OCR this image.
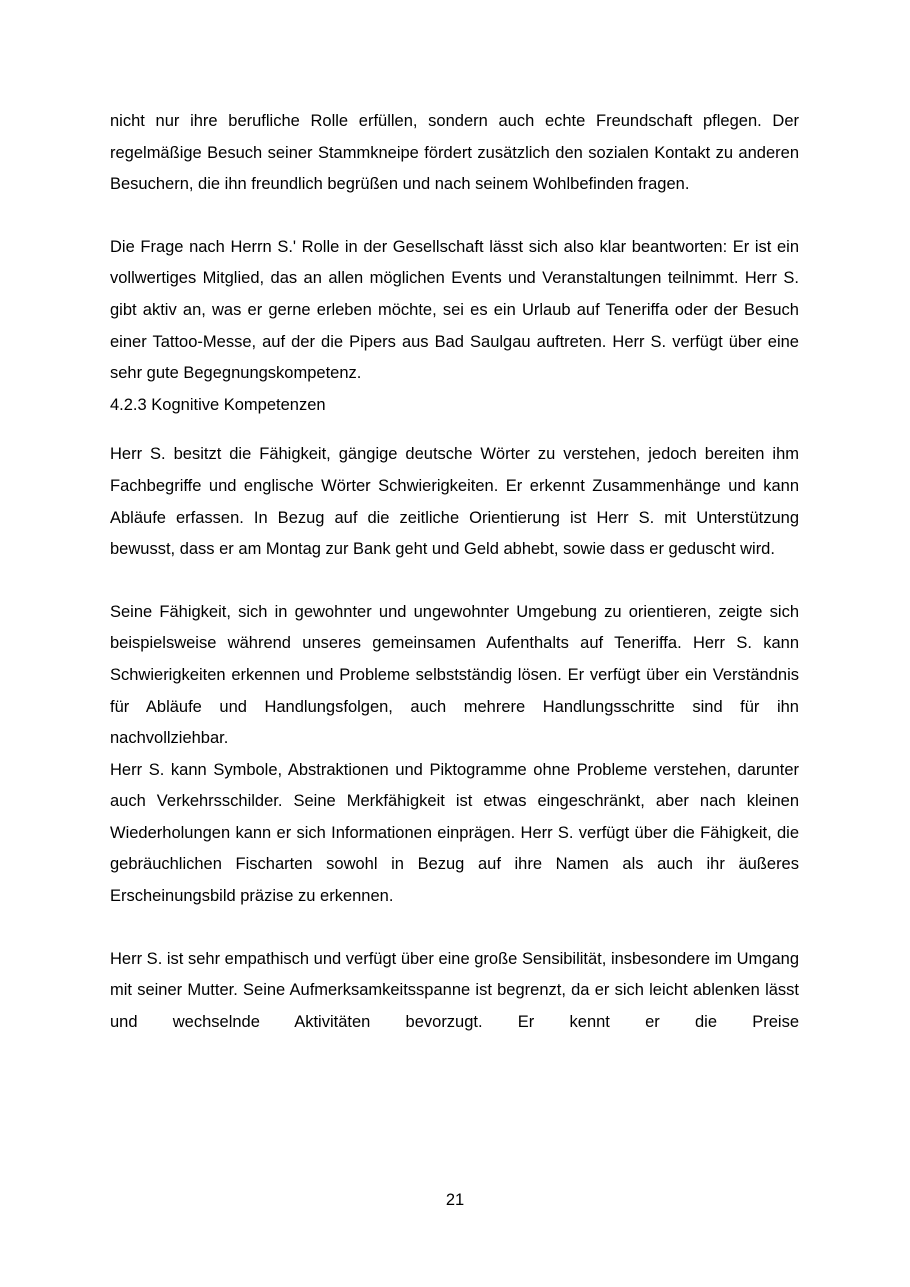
nicht nur ihre berufliche Rolle erfüllen, sondern auch echte Freundschaft pflegen. Der regelmäßige Besuch seiner Stammkneipe fördert zusätzlich den sozialen Kontakt zu anderen Besuchern, die ihn freundlich begrüßen und nach seinem Wohlbefinden fragen.

Die Frage nach Herrn S.' Rolle in der Gesellschaft lässt sich also klar beantworten: Er ist ein vollwertiges Mitglied, das an allen möglichen Events und Veranstaltungen teilnimmt. Herr S. gibt aktiv an, was er gerne erleben möchte, sei es ein Urlaub auf Teneriffa oder der Besuch einer Tattoo-Messe, auf der die Pipers aus Bad Saulgau auftreten. Herr S. verfügt über eine sehr gute Begegnungskompetenz.

4.2.3 Kognitive Kompetenzen

Herr S. besitzt die Fähigkeit, gängige deutsche Wörter zu verstehen, jedoch bereiten ihm Fachbegriffe und englische Wörter Schwierigkeiten. Er erkennt Zusammenhänge und kann Abläufe erfassen. In Bezug auf die zeitliche Orientierung ist Herr S. mit Unterstützung bewusst, dass er am Montag zur Bank geht und Geld abhebt, sowie dass er geduscht wird.

Seine Fähigkeit, sich in gewohnter und ungewohnter Umgebung zu orientieren, zeigte sich beispielsweise während unseres gemeinsamen Aufenthalts auf Teneriffa. Herr S. kann Schwierigkeiten erkennen und Probleme selbstständig lösen. Er verfügt über ein Verständnis für Abläufe und Handlungsfolgen, auch mehrere Handlungsschritte sind für ihn nachvollziehbar.

Herr S. kann Symbole, Abstraktionen und Piktogramme ohne Probleme verstehen, darunter auch Verkehrsschilder. Seine Merkfähigkeit ist etwas eingeschränkt, aber nach kleinen Wiederholungen kann er sich Informationen einprägen. Herr S. verfügt über die Fähigkeit, die gebräuchlichen Fischarten sowohl in Bezug auf ihre Namen als auch ihr äußeres Erscheinungsbild präzise zu erkennen.

Herr S. ist sehr empathisch und verfügt über eine große Sensibilität, insbesondere im Umgang mit seiner Mutter. Seine Aufmerksamkeitsspanne ist begrenzt, da er sich leicht ablenken lässt und wechselnde Aktivitäten bevorzugt. Er kennt er die Preise

21
